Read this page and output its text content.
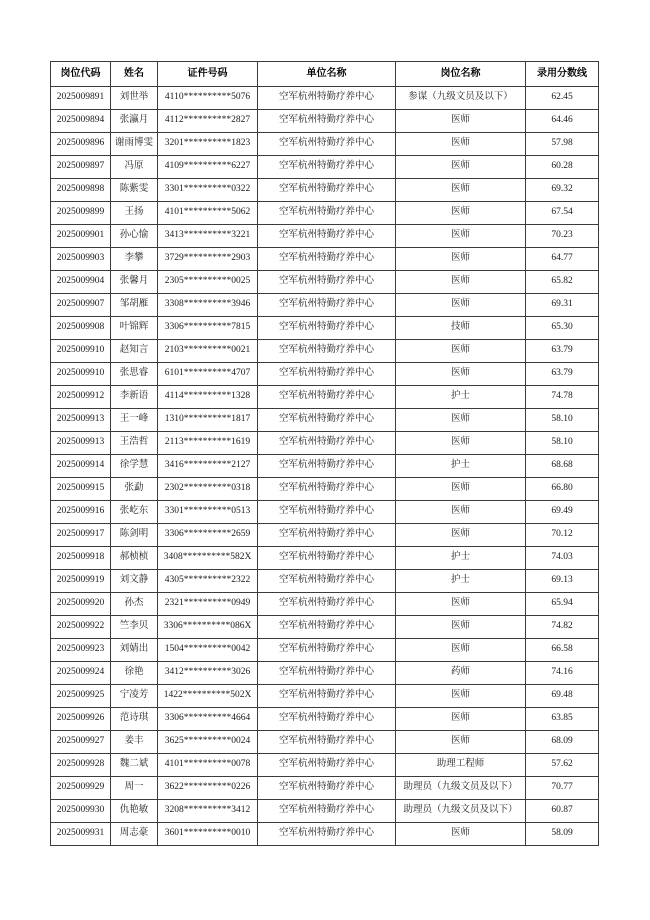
岗位代码	姓名	证件号码	单位名称	岗位名称	录用分数线
2025009891	刘世举	4110**********5076	空军杭州特勤疗养中心	参谋（九级文员及以下）	62.45
2025009894	张瀛月	4112**********2827	空军杭州特勤疗养中心	医师	64.46
2025009896	谢雨博雯	3201**********1823	空军杭州特勤疗养中心	医师	57.98
2025009897	冯原	4109**********6227	空军杭州特勤疗养中心	医师	60.28
2025009898	陈紫雯	3301**********0322	空军杭州特勤疗养中心	医师	69.32
2025009899	王扬	4101**********5062	空军杭州特勤疗养中心	医师	67.54
2025009901	孙心愉	3413**********3221	空军杭州特勤疗养中心	医师	70.23
2025009903	李攀	3729**********2903	空军杭州特勤疗养中心	医师	64.77
2025009904	张馨月	2305**********0025	空军杭州特勤疗养中心	医师	65.82
2025009907	邹胡雁	3308**********3946	空军杭州特勤疗养中心	医师	69.31
2025009908	叶锦辉	3306**********7815	空军杭州特勤疗养中心	技师	65.30
2025009910	赵知言	2103**********0021	空军杭州特勤疗养中心	医师	63.79
2025009910	张思睿	6101**********4707	空军杭州特勤疗养中心	医师	63.79
2025009912	李新语	4114**********1328	空军杭州特勤疗养中心	护士	74.78
2025009913	王一峰	1310**********1817	空军杭州特勤疗养中心	医师	58.10
2025009913	王浩哲	2113**********1619	空军杭州特勤疗养中心	医师	58.10
2025009914	徐学慧	3416**********2127	空军杭州特勤疗养中心	护士	68.68
2025009915	张勐	2302**********0318	空军杭州特勤疗养中心	医师	66.80
2025009916	张屹东	3301**********0513	空军杭州特勤疗养中心	医师	69.49
2025009917	陈剑明	3306**********2659	空军杭州特勤疗养中心	医师	70.12
2025009918	郝桢桢	3408**********582X	空军杭州特勤疗养中心	护士	74.03
2025009919	刘文静	4305**********2322	空军杭州特勤疗养中心	护士	69.13
2025009920	孙杰	2321**********0949	空军杭州特勤疗养中心	医师	65.94
2025009922	竺李贝	3306**********086X	空军杭州特勤疗养中心	医师	74.82
2025009923	刘婧出	1504**********0042	空军杭州特勤疗养中心	医师	66.58
2025009924	徐艳	3412**********3026	空军杭州特勤疗养中心	药师	74.16
2025009925	宁凌芳	1422**********502X	空军杭州特勤疗养中心	医师	69.48
2025009926	范诗琪	3306**********4664	空军杭州特勤疗养中心	医师	63.85
2025009927	姜丰	3625**********0024	空军杭州特勤疗养中心	医师	68.09
2025009928	魏二斌	4101**********0078	空军杭州特勤疗养中心	助理工程师	57.62
2025009929	周一	3622**********0226	空军杭州特勤疗养中心	助理员（九级文员及以下）	70.77
2025009930	仇艳敏	3208**********3412	空军杭州特勤疗养中心	助理员（九级文员及以下）	60.87
2025009931	周志豪	3601**********0010	空军杭州特勤疗养中心	医师	58.09
